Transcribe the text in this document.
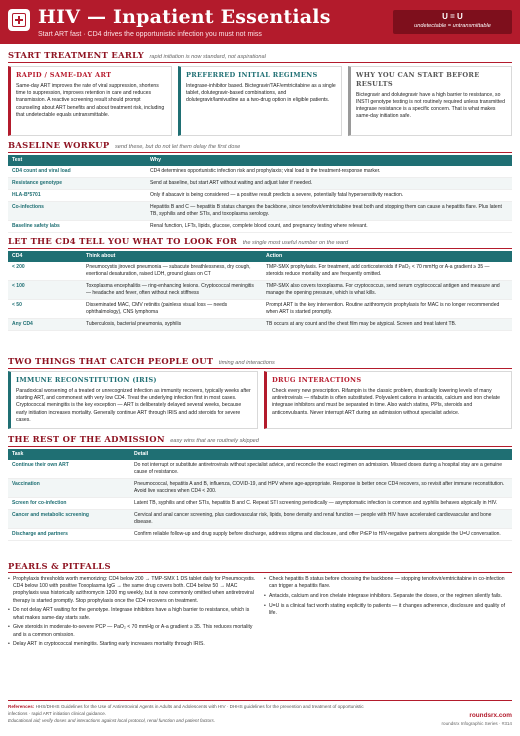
HIV — Inpatient Essentials
Start ART fast · CD4 drives the opportunistic infection you must not miss
U = U
undetectable = untransmittable
START TREATMENT EARLY rapid initiation is now standard, not aspirational
RAPID / SAME-DAY ART

Same-day ART improves the rate of viral suppression, shortens time to suppression, improves retention in care and reduces transmission. A reactive screening result should prompt counseling about ART benefits and about treatment risk, including that undetectable equals untransmittable.

PREFERRED INITIAL REGIMENS

Integrase-inhibitor based. Bictegravir/TAF/emtricitabine as a single tablet, dolutegravir-based combinations, and dolutegravir/lamivudine as a two-drug option in eligible patients.

WHY YOU CAN START BEFORE RESULTS

Bictegravir and dolutegravir have a high barrier to resistance, so INSTI genotype testing is not routinely required unless transmitted integrase resistance is a specific concern. That is what makes same-day initiation safe.

BASELINE WORKUP send these, but do not let them delay the first dose
Test	Why
CD4 count and viral load	CD4 determines opportunistic infection risk and prophylaxis; viral load is the treatment-response marker.
Resistance genotype	Send at baseline, but start ART without waiting and adjust later if needed.
HLA-B*5701	Only if abacavir is being considered — a positive result predicts a severe, potentially fatal hypersensitivity reaction.
Co-infections	Hepatitis B and C — hepatitis B status changes the backbone, since tenofovir/emtricitabine treat both and stopping them can cause a hepatitis flare. Plus latent TB, syphilis and other STIs, and toxoplasma serology.
Baseline safety labs	Renal function, LFTs, lipids, glucose, complete blood count, and pregnancy testing where relevant.
LET THE CD4 TELL YOU WHAT TO LOOK FOR the single most useful number on the ward
CD4	Think about	Action
< 200	Pneumocystis jirovecii pneumonia — subacute breathlessness, dry cough, exertional desaturation, raised LDH, ground glass on CT	TMP-SMX prophylaxis. For treatment, add corticosteroids if PaO₂ < 70 mmHg or A-a gradient ≥ 35 — steroids reduce mortality and are frequently omitted.
< 100	Toxoplasma encephalitis — ring-enhancing lesions. Cryptococcal meningitis — headache and fever, often without neck stiffness	TMP-SMX also covers toxoplasma. For cryptococcus, send serum cryptococcal antigen and measure and manage the opening pressure, which is what kills.
< 50	Disseminated MAC, CMV retinitis (painless visual loss — needs ophthalmology), CNS lymphoma	Prompt ART is the key intervention. Routine azithromycin prophylaxis for MAC is no longer recommended when ART is started promptly.
Any CD4	Tuberculosis, bacterial pneumonia, syphilis	TB occurs at any count and the chest film may be atypical. Screen and treat latent TB.
TWO THINGS THAT CATCH PEOPLE OUT timing and interactions
IMMUNE RECONSTITUTION (IRIS)

Paradoxical worsening of a treated or unrecognized infection as immunity recovers, typically weeks after starting ART, and commonest with very low CD4. Treat the underlying infection first in most cases. Cryptococcal meningitis is the key exception — ART is deliberately delayed several weeks, because early initiation increases mortality. Generally continue ART through IRIS and add steroids for severe cases.

DRUG INTERACTIONS

Check every new prescription. Rifampin is the classic problem, drastically lowering levels of many antiretrovirals — rifabutin is often substituted. Polyvalent cations in antacids, calcium and iron chelate integrase inhibitors and must be separated in time. Also watch statins, PPIs, steroids and anticonvulsants. Never interrupt ART during an admission without specialist advice.

THE REST OF THE ADMISSION easy wins that are routinely skipped
Task	Detail
Continue their own ART	Do not interrupt or substitute antiretrovirals without specialist advice, and reconcile the exact regimen on admission. Missed doses during a hospital stay are a genuine cause of resistance.
Vaccination	Pneumococcal, hepatitis A and B, influenza, COVID-19, and HPV where age-appropriate. Response is better once CD4 recovers, so revisit after immune reconstitution. Avoid live vaccines when CD4 < 200.
Screen for co-infection	Latent TB, syphilis and other STIs, hepatitis B and C. Repeat STI screening periodically — asymptomatic infection is common and syphilis behaves atypically in HIV.
Cancer and metabolic screening	Cervical and anal cancer screening, plus cardiovascular risk, lipids, bone density and renal function — people with HIV have accelerated cardiovascular and bone disease.
Discharge and partners	Confirm reliable follow-up and drug supply before discharge, address stigma and disclosure, and offer PrEP to HIV-negative partners alongside the U=U conversation.
PEARLS & PITFALLS
• Prophylaxis thresholds worth memorizing: CD4 below 200 → TMP-SMX 1 DS tablet daily for Pneumocystis. CD4 below 100 with positive Toxoplasma IgG → the same drug covers both. CD4 below 50 → MAC prophylaxis was historically azithromycin 1200 mg weekly, but is now commonly omitted when antiretroviral therapy is started promptly. Stop prophylaxis once the CD4 recovers on treatment.
• Do not delay ART waiting for the genotype. Integrase inhibitors have a high barrier to resistance, which is what makes same-day starts safe.
• Give steroids in moderate-to-severe PCP — PaO₂ < 70 mmHg or A-a gradient ≥ 35. This reduces mortality and is a common omission.
• Delay ART in cryptococcal meningitis. Starting early increases mortality through IRIS.
• Check hepatitis B status before choosing the backbone — stopping tenofovir/emtricitabine in co-infection can trigger a hepatitis flare.
• Antacids, calcium and iron chelate integrase inhibitors. Separate the doses, or the regimen silently fails.
• U=U is a clinical fact worth stating explicitly to patients — it changes adherence, disclosure and quality of life.
References: HHS/DHHS Guidelines for the Use of Antiretroviral Agents in Adults and Adolescents with HIV · DHHS guidelines for the prevention and treatment of opportunistic infections · rapid ART initiation clinical guidance.
Educational aid; verify doses and interactions against local protocol, renal function and patient factors.
roundsrx.com
roundsrx Infographic Series · #314
